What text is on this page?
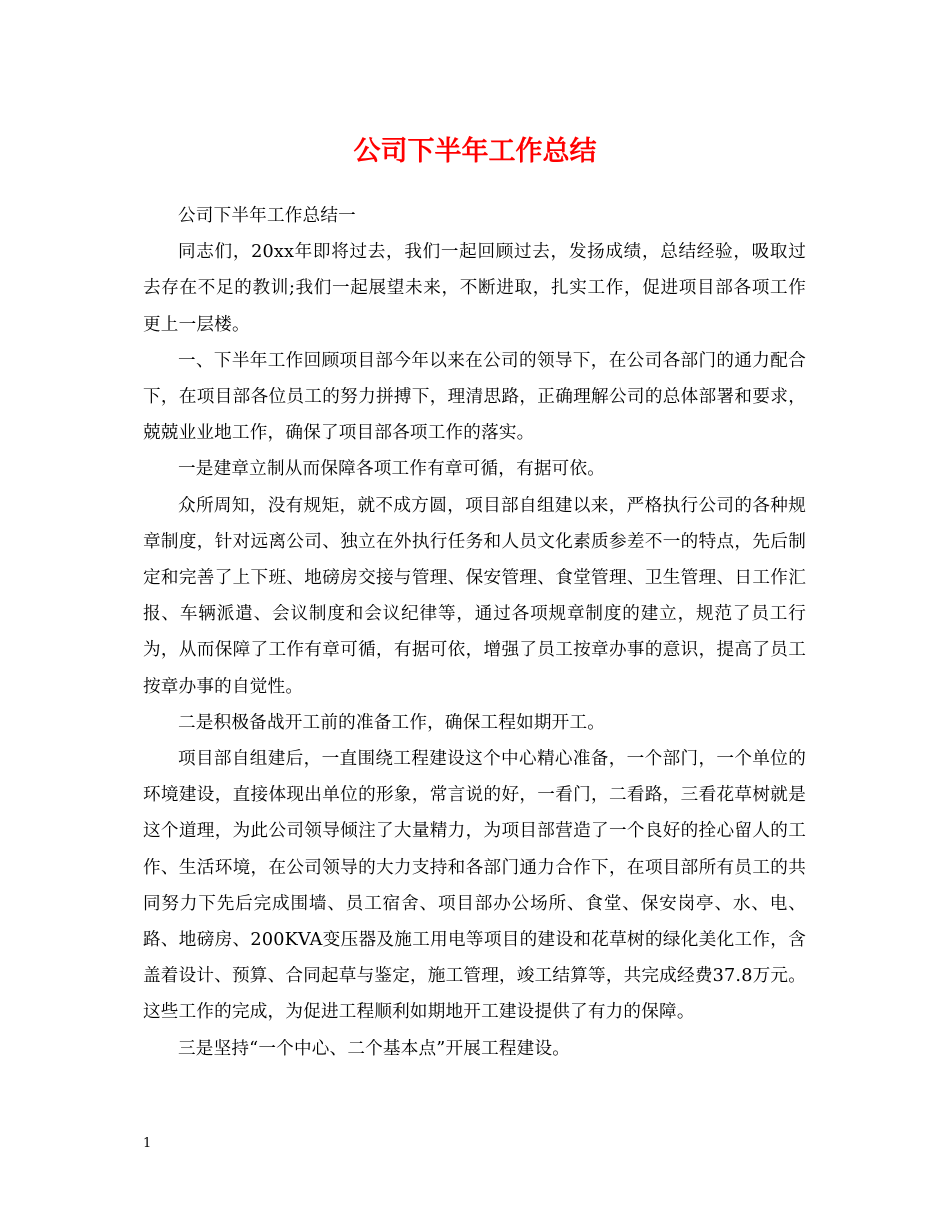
公司下半年工作总结

公司下半年工作总结一

同志们，20xx年即将过去，我们一起回顾过去，发扬成绩，总结经验，吸取过去存在不足的教训;我们一起展望未来，不断进取，扎实工作，促进项目部各项工作更上一层楼。

一、下半年工作回顾项目部今年以来在公司的领导下，在公司各部门的通力配合下，在项目部各位员工的努力拼搏下，理清思路，正确理解公司的总体部署和要求，兢兢业业地工作，确保了项目部各项工作的落实。

一是建章立制从而保障各项工作有章可循，有据可依。

众所周知，没有规矩，就不成方圆，项目部自组建以来，严格执行公司的各种规章制度，针对远离公司、独立在外执行任务和人员文化素质参差不一的特点，先后制定和完善了上下班、地磅房交接与管理、保安管理、食堂管理、卫生管理、日工作汇报、车辆派遣、会议制度和会议纪律等，通过各项规章制度的建立，规范了员工行为，从而保障了工作有章可循，有据可依，增强了员工按章办事的意识，提高了员工按章办事的自觉性。

二是积极备战开工前的准备工作，确保工程如期开工。

项目部自组建后，一直围绕工程建设这个中心精心准备，一个部门，一个单位的环境建设，直接体现出单位的形象，常言说的好，一看门，二看路，三看花草树就是这个道理，为此公司领导倾注了大量精力，为项目部营造了一个良好的拴心留人的工作、生活环境，在公司领导的大力支持和各部门通力合作下，在项目部所有员工的共同努力下先后完成围墙、员工宿舍、项目部办公场所、食堂、保安岗亭、水、电、路、地磅房、200KVA变压器及施工用电等项目的建设和花草树的绿化美化工作，含盖着设计、预算、合同起草与鉴定，施工管理，竣工结算等，共完成经费37.8万元。这些工作的完成，为促进工程顺利如期地开工建设提供了有力的保障。

三是坚持“一个中心、二个基本点”开展工程建设。

1
